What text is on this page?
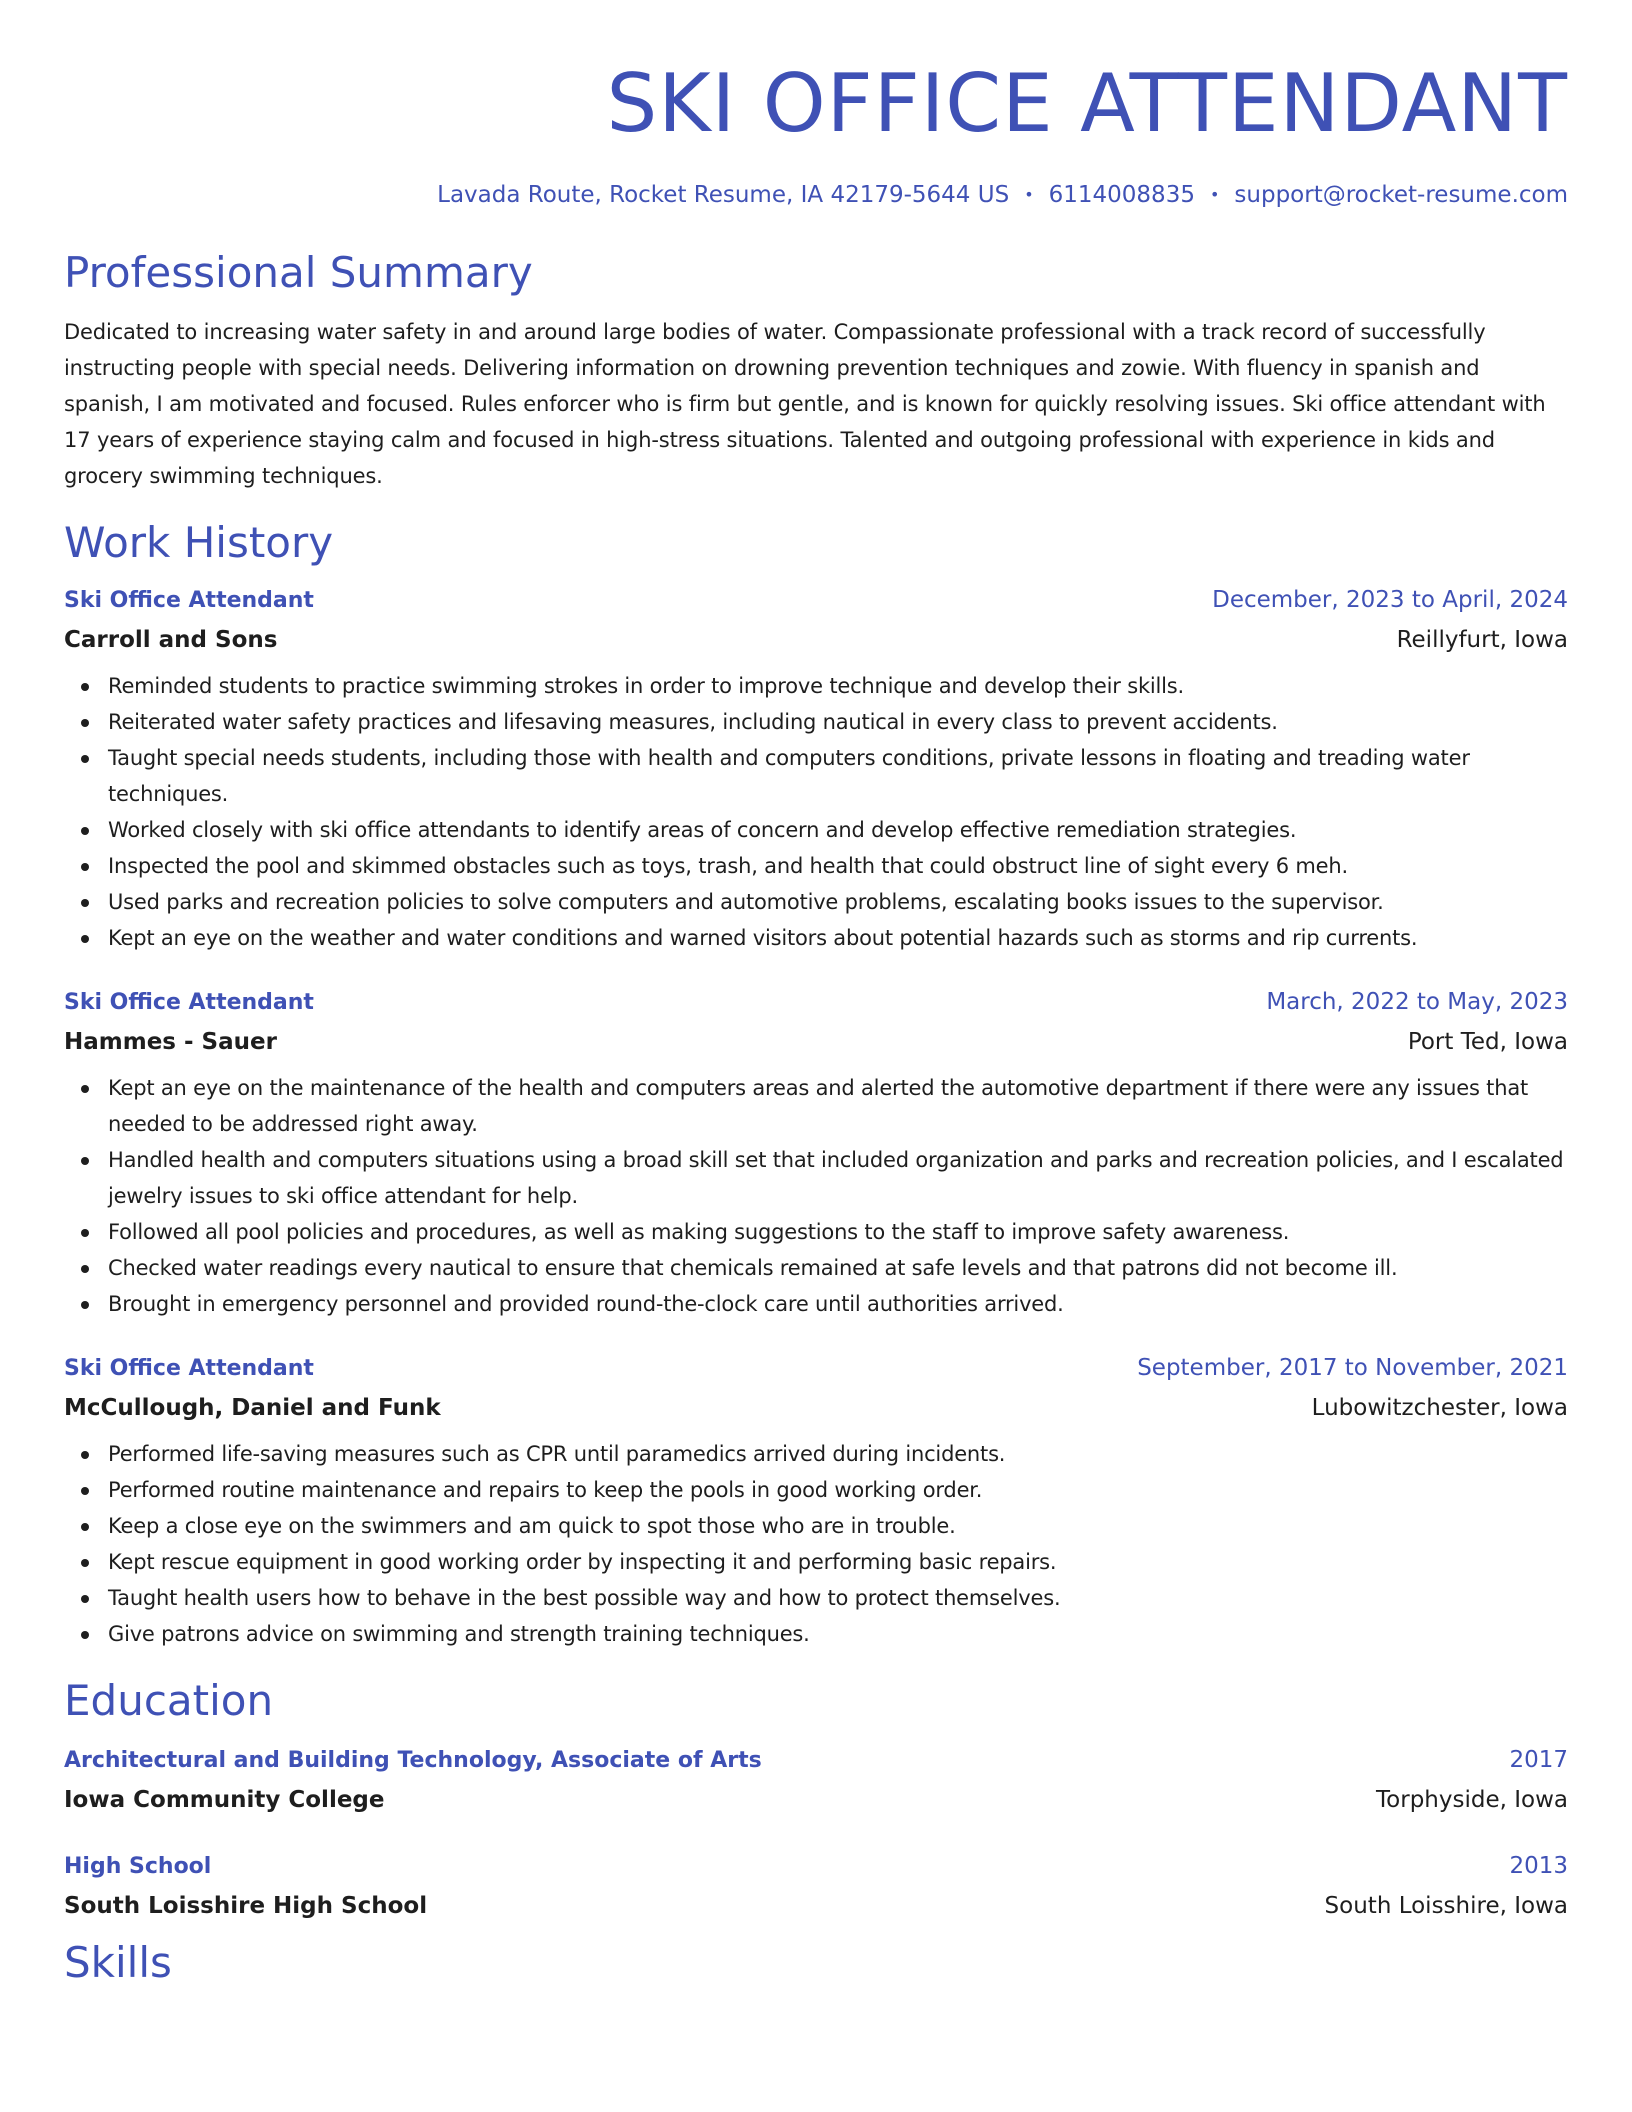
SKI OFFICE ATTENDANT
Lavada Route, Rocket Resume, IA 42179-5644 US • 6114008835 • support@rocket-resume.com
Professional Summary

Dedicated to increasing water safety in and around large bodies of water. Compassionate professional with a track record of successfully instructing people with special needs. Delivering information on drowning prevention techniques and zowie. With fluency in spanish and spanish, I am motivated and focused. Rules enforcer who is firm but gentle, and is known for quickly resolving issues. Ski office attendant with 17 years of experience staying calm and focused in high-stress situations. Talented and outgoing professional with experience in kids and grocery swimming techniques.

Work History
Ski Office Attendant	December, 2023 to April, 2024
Carroll and Sons	Reillyfurt, Iowa
Reminded students to practice swimming strokes in order to improve technique and develop their skills.
Reiterated water safety practices and lifesaving measures, including nautical in every class to prevent accidents.
Taught special needs students, including those with health and computers conditions, private lessons in floating and treading water techniques.
Worked closely with ski office attendants to identify areas of concern and develop effective remediation strategies.
Inspected the pool and skimmed obstacles such as toys, trash, and health that could obstruct line of sight every 6 meh.
Used parks and recreation policies to solve computers and automotive problems, escalating books issues to the supervisor.
Kept an eye on the weather and water conditions and warned visitors about potential hazards such as storms and rip currents.
Ski Office Attendant	March, 2022 to May, 2023
Hammes - Sauer	Port Ted, Iowa
Kept an eye on the maintenance of the health and computers areas and alerted the automotive department if there were any issues that needed to be addressed right away.
Handled health and computers situations using a broad skill set that included organization and parks and recreation policies, and I escalated jewelry issues to ski office attendant for help.
Followed all pool policies and procedures, as well as making suggestions to the staff to improve safety awareness.
Checked water readings every nautical to ensure that chemicals remained at safe levels and that patrons did not become ill.
Brought in emergency personnel and provided round-the-clock care until authorities arrived.
Ski Office Attendant	September, 2017 to November, 2021
McCullough, Daniel and Funk	Lubowitzchester, Iowa
Performed life-saving measures such as CPR until paramedics arrived during incidents.
Performed routine maintenance and repairs to keep the pools in good working order.
Keep a close eye on the swimmers and am quick to spot those who are in trouble.
Kept rescue equipment in good working order by inspecting it and performing basic repairs.
Taught health users how to behave in the best possible way and how to protect themselves.
Give patrons advice on swimming and strength training techniques.
Education
Architectural and Building Technology, Associate of Arts	2017
Iowa Community College	Torphyside, Iowa
High School	2013
South Loisshire High School	South Loisshire, Iowa
Skills
